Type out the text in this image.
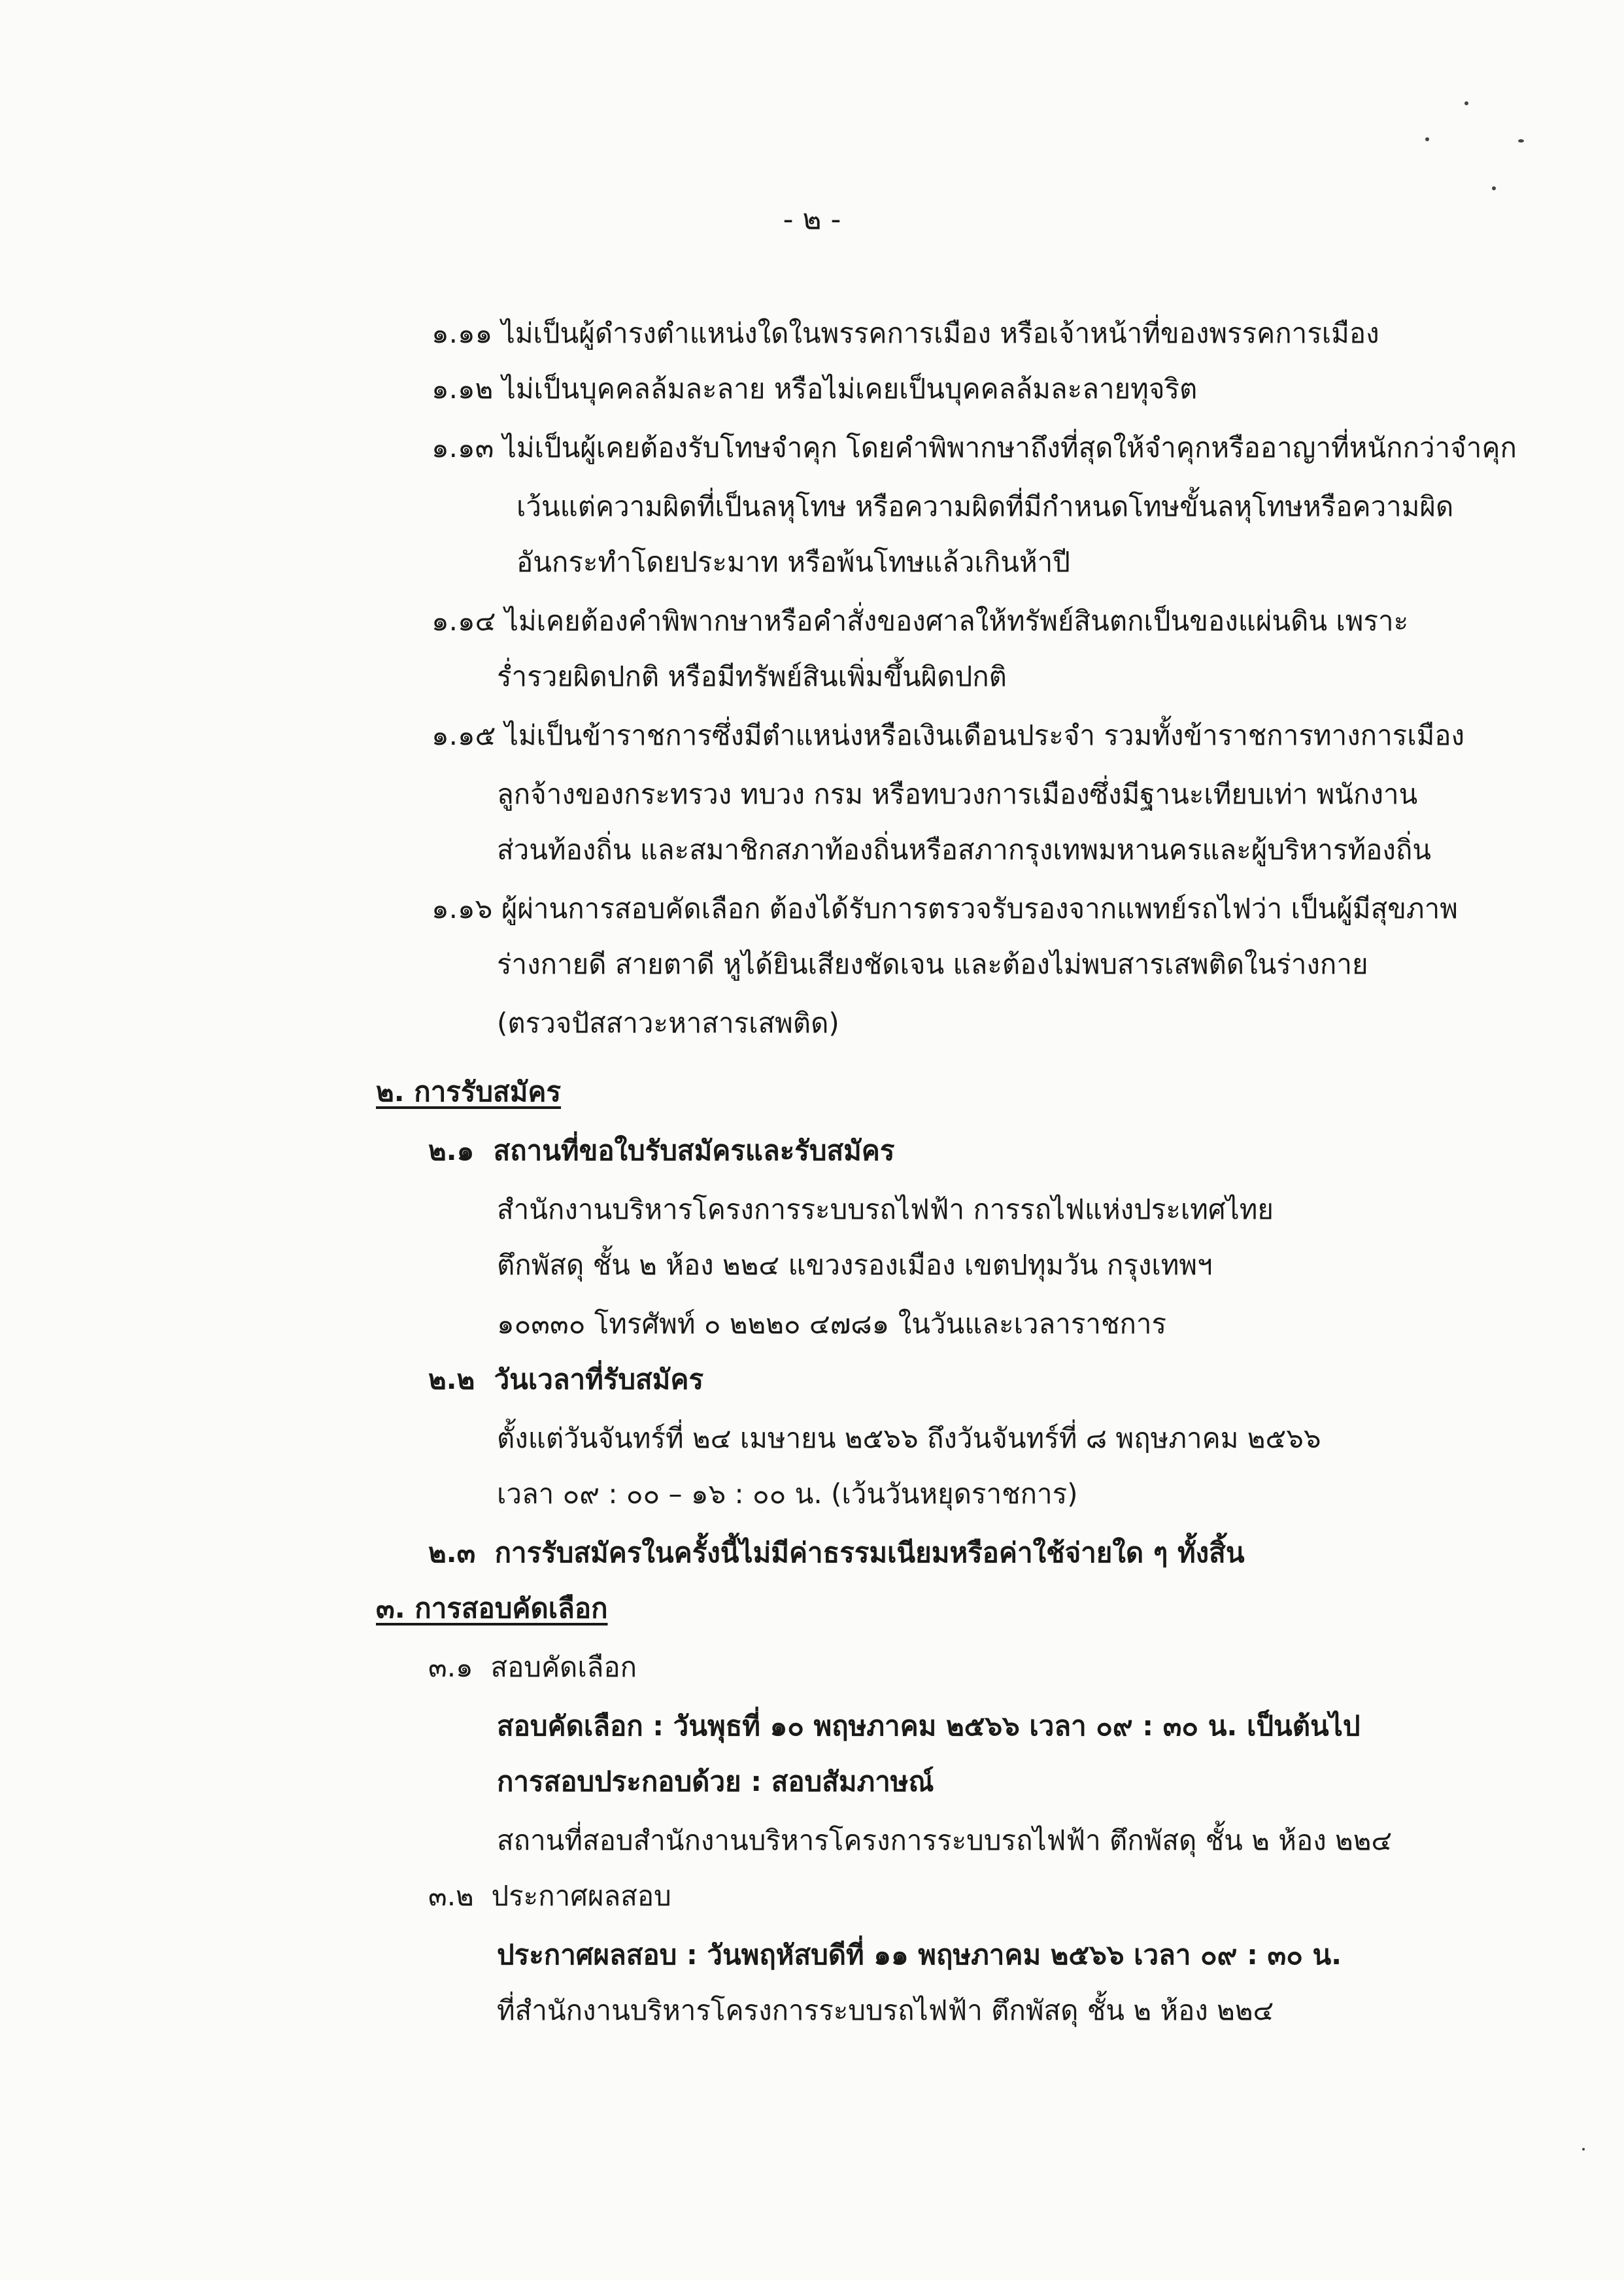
- ๒ -
๑.๑๑ ไม่เป็นผู้ดำรงตำแหน่งใดในพรรคการเมือง หรือเจ้าหน้าที่ของพรรคการเมือง
๑.๑๒ ไม่เป็นบุคคลล้มละลาย หรือไม่เคยเป็นบุคคลล้มละลายทุจริต
๑.๑๓ ไม่เป็นผู้เคยต้องรับโทษจำคุก โดยคำพิพากษาถึงที่สุดให้จำคุกหรืออาญาที่หนักกว่าจำคุก
เว้นแต่ความผิดที่เป็นลหุโทษ หรือความผิดที่มีกำหนดโทษขั้นลหุโทษหรือความผิด
อันกระทำโดยประมาท หรือพ้นโทษแล้วเกินห้าปี
๑.๑๔ ไม่เคยต้องคำพิพากษาหรือคำสั่งของศาลให้ทรัพย์สินตกเป็นของแผ่นดิน เพราะ
ร่ำรวยผิดปกติ หรือมีทรัพย์สินเพิ่มขึ้นผิดปกติ
๑.๑๕ ไม่เป็นข้าราชการซึ่งมีตำแหน่งหรือเงินเดือนประจำ รวมทั้งข้าราชการทางการเมือง
ลูกจ้างของกระทรวง ทบวง กรม หรือทบวงการเมืองซึ่งมีฐานะเทียบเท่า พนักงาน
ส่วนท้องถิ่น และสมาชิกสภาท้องถิ่นหรือสภากรุงเทพมหานครและผู้บริหารท้องถิ่น
๑.๑๖ ผู้ผ่านการสอบคัดเลือก ต้องได้รับการตรวจรับรองจากแพทย์รถไฟว่า เป็นผู้มีสุขภาพ
ร่างกายดี สายตาดี หูได้ยินเสียงชัดเจน และต้องไม่พบสารเสพติดในร่างกาย
(ตรวจปัสสาวะหาสารเสพติด)
๒. การรับสมัคร
๒.๑ สถานที่ขอใบรับสมัครและรับสมัคร
สำนักงานบริหารโครงการระบบรถไฟฟ้า การรถไฟแห่งประเทศไทย
ตึกพัสดุ ชั้น ๒ ห้อง ๒๒๔ แขวงรองเมือง เขตปทุมวัน กรุงเทพฯ
๑๐๓๓๐ โทรศัพท์ ๐ ๒๒๒๐ ๔๗๘๑ ในวันและเวลาราชการ
๒.๒ วันเวลาที่รับสมัคร
ตั้งแต่วันจันทร์ที่ ๒๔ เมษายน ๒๕๖๖ ถึงวันจันทร์ที่ ๘ พฤษภาคม ๒๕๖๖
เวลา ๐๙ : ๐๐ – ๑๖ : ๐๐ น. (เว้นวันหยุดราชการ)
๒.๓ การรับสมัครในครั้งนี้ไม่มีค่าธรรมเนียมหรือค่าใช้จ่ายใด ๆ ทั้งสิ้น
๓. การสอบคัดเลือก
๓.๑ สอบคัดเลือก
สอบคัดเลือก : วันพุธที่ ๑๐ พฤษภาคม ๒๕๖๖ เวลา ๐๙ : ๓๐ น. เป็นต้นไป
การสอบประกอบด้วย : สอบสัมภาษณ์
สถานที่สอบสำนักงานบริหารโครงการระบบรถไฟฟ้า ตึกพัสดุ ชั้น ๒ ห้อง ๒๒๔
๓.๒ ประกาศผลสอบ
ประกาศผลสอบ : วันพฤหัสบดีที่ ๑๑ พฤษภาคม ๒๕๖๖ เวลา ๐๙ : ๓๐ น.
ที่สำนักงานบริหารโครงการระบบรถไฟฟ้า ตึกพัสดุ ชั้น ๒ ห้อง ๒๒๔
